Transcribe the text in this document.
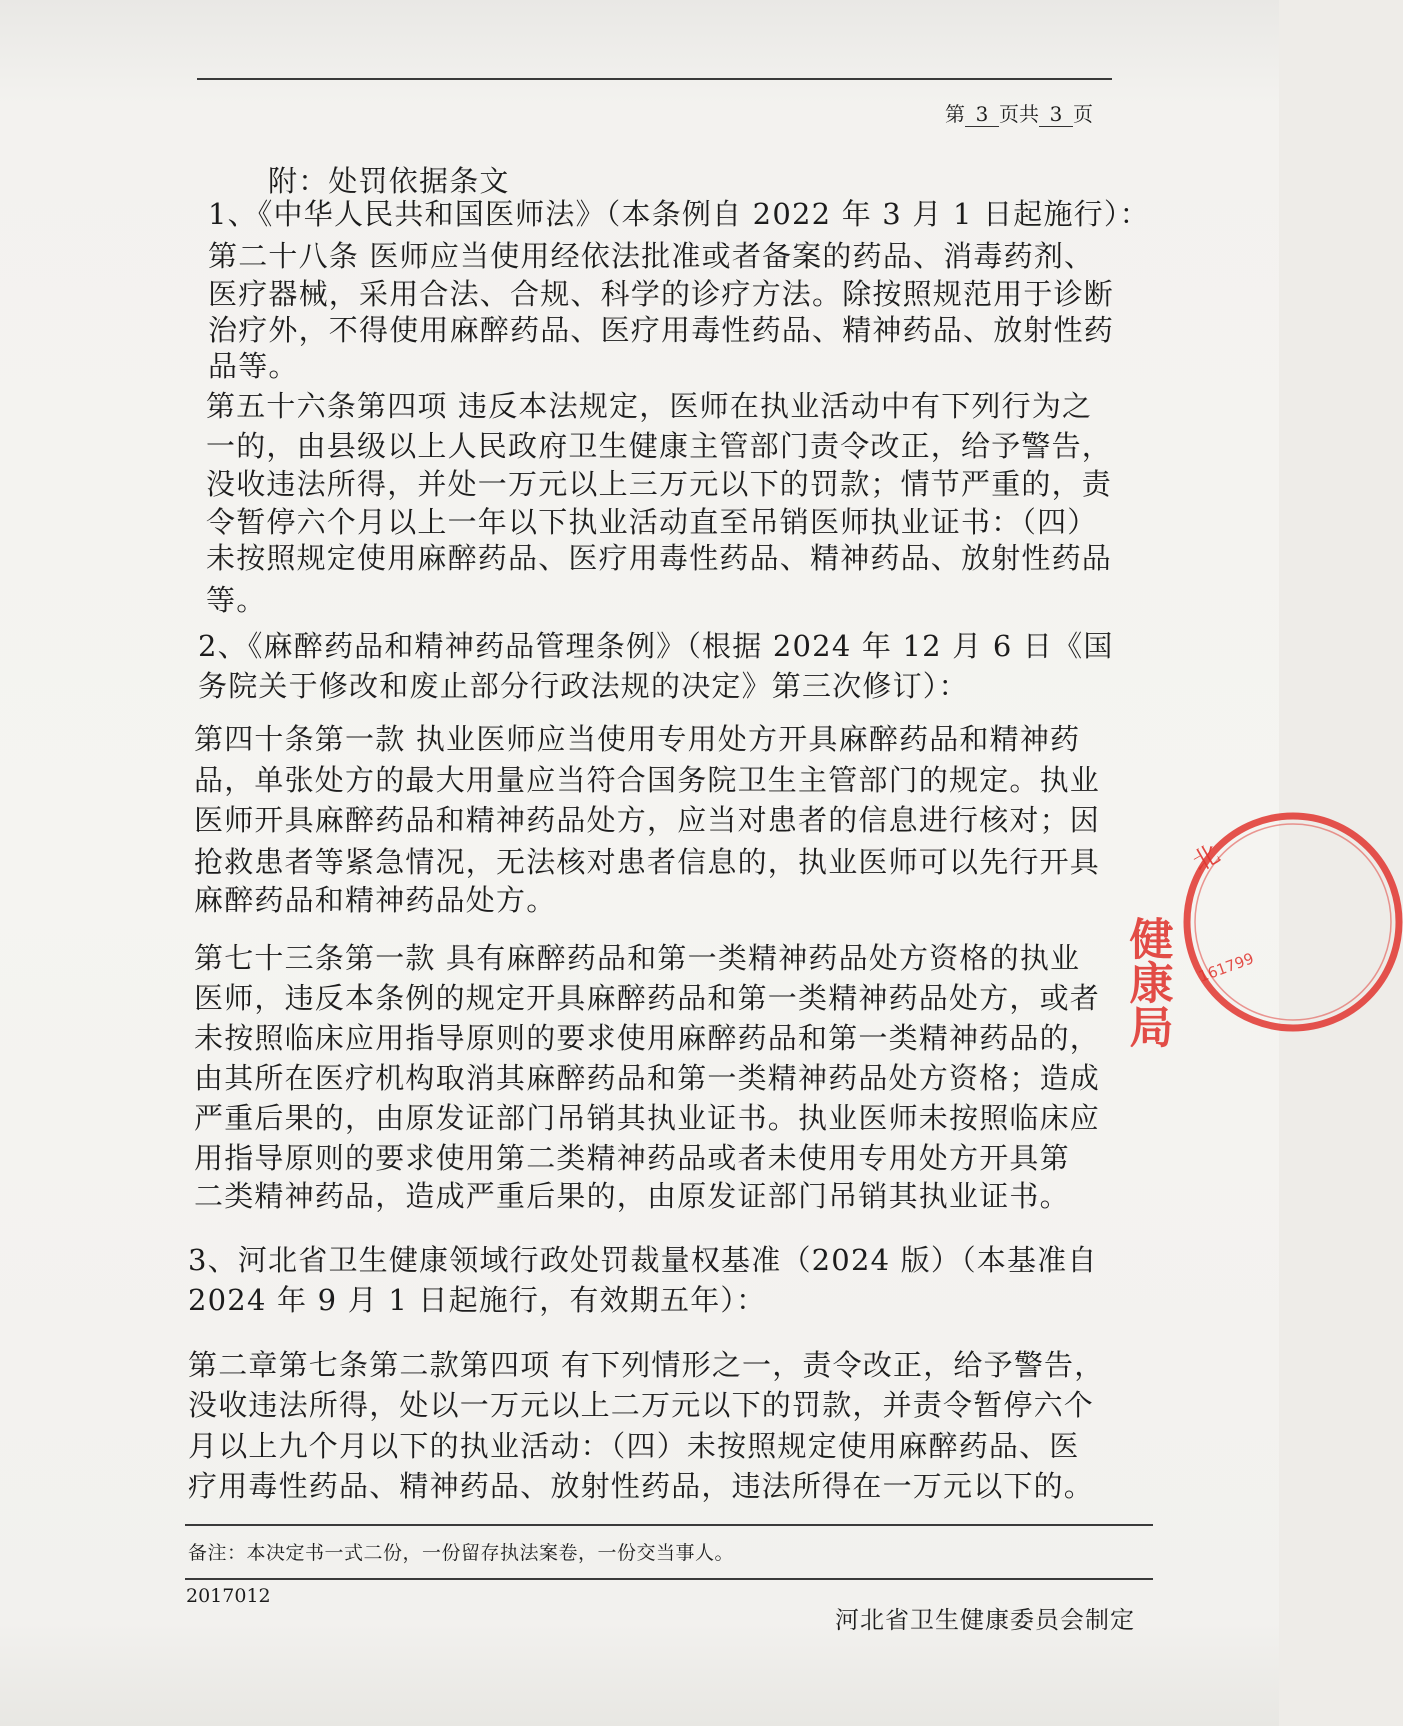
第 3 页共 3 页
附：处罚依据条文
1、《中华人民共和国医师法》（本条例自 2022 年 3 月 1 日起施行）：
第二十八条 医师应当使用经依法批准或者备案的药品、消毒药剂、
医疗器械，采用合法、合规、科学的诊疗方法。除按照规范用于诊断
治疗外，不得使用麻醉药品、医疗用毒性药品、精神药品、放射性药
品等。
第五十六条第四项 违反本法规定，医师在执业活动中有下列行为之
一的，由县级以上人民政府卫生健康主管部门责令改正，给予警告，
没收违法所得，并处一万元以上三万元以下的罚款；情节严重的，责
令暂停六个月以上一年以下执业活动直至吊销医师执业证书：（四）
未按照规定使用麻醉药品、医疗用毒性药品、精神药品、放射性药品
等。
2、《麻醉药品和精神药品管理条例》（根据 2024 年 12 月 6 日《国
务院关于修改和废止部分行政法规的决定》第三次修订）：
第四十条第一款 执业医师应当使用专用处方开具麻醉药品和精神药
品，单张处方的最大用量应当符合国务院卫生主管部门的规定。执业
医师开具麻醉药品和精神药品处方，应当对患者的信息进行核对；因
抢救患者等紧急情况，无法核对患者信息的，执业医师可以先行开具
麻醉药品和精神药品处方。
第七十三条第一款 具有麻醉药品和第一类精神药品处方资格的执业
医师，违反本条例的规定开具麻醉药品和第一类精神药品处方，或者
未按照临床应用指导原则的要求使用麻醉药品和第一类精神药品的，
由其所在医疗机构取消其麻醉药品和第一类精神药品处方资格；造成
严重后果的，由原发证部门吊销其执业证书。执业医师未按照临床应
用指导原则的要求使用第二类精神药品或者未使用专用处方开具第
二类精神药品，造成严重后果的，由原发证部门吊销其执业证书。
3、河北省卫生健康领域行政处罚裁量权基准（2024 版）（本基准自
2024 年 9 月 1 日起施行，有效期五年）：
第二章第七条第二款第四项 有下列情形之一，责令改正，给予警告，
没收违法所得，处以一万元以上二万元以下的罚款，并责令暂停六个
月以上九个月以下的执业活动：（四）未按照规定使用麻醉药品、医
疗用毒性药品、精神药品、放射性药品，违法所得在一万元以下的。
备注：本决定书一式二份，一份留存执法案卷，一份交当事人。
2017012
河北省卫生健康委员会制定
北
健康局 161799
